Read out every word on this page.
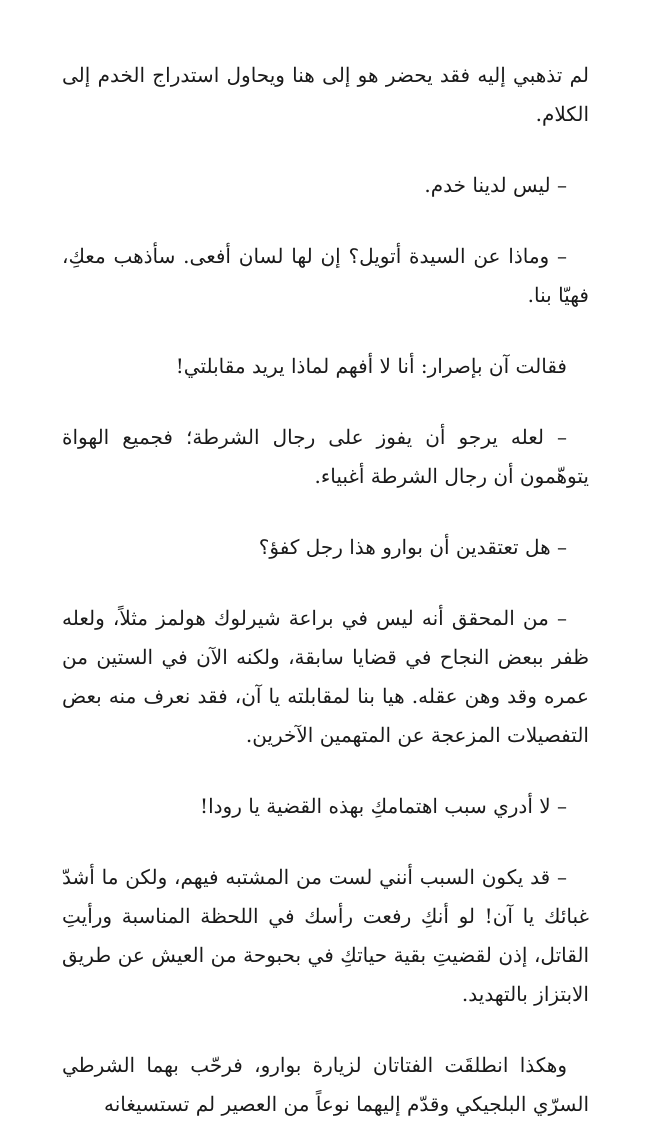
لم تذهبي إليه فقد يحضر هو إلى هنا ويحاول استدراج الخدم إلى الكلام.

– ليس لدينا خدم.

– وماذا عن السيدة أتويل؟ إن لها لسان أفعى. سأذهب معكِ، فهيّا بنا.

فقالت آن بإصرار: أنا لا أفهم لماذا يريد مقابلتي!

– لعله يرجو أن يفوز على رجال الشرطة؛ فجميع الهواة يتوهّمون أن رجال الشرطة أغبياء.

– هل تعتقدين أن بوارو هذا رجل كفؤ؟

– من المحقق أنه ليس في براعة شيرلوك هولمز مثلاً، ولعله ظفر ببعض النجاح في قضايا سابقة، ولكنه الآن في الستين من عمره وقد وهن عقله. هيا بنا لمقابلته يا آن، فقد نعرف منه بعض التفصيلات المزعجة عن المتهمين الآخرين.

– لا أدري سبب اهتمامكِ بهذه القضية يا رودا!

– قد يكون السبب أنني لست من المشتبه فيهم، ولكن ما أشدّ غبائك يا آن! لو أنكِ رفعت رأسك في اللحظة المناسبة ورأيتِ القاتل، إذن لقضيتِ بقية حياتكِ في بحبوحة من العيش عن طريق الابتزاز بالتهديد.

وهكذا انطلقَت الفتاتان لزيارة بوارو، فرحّب بهما الشرطي السرّي البلجيكي وقدّم إليهما نوعاً من العصير لم تستسيغانه
